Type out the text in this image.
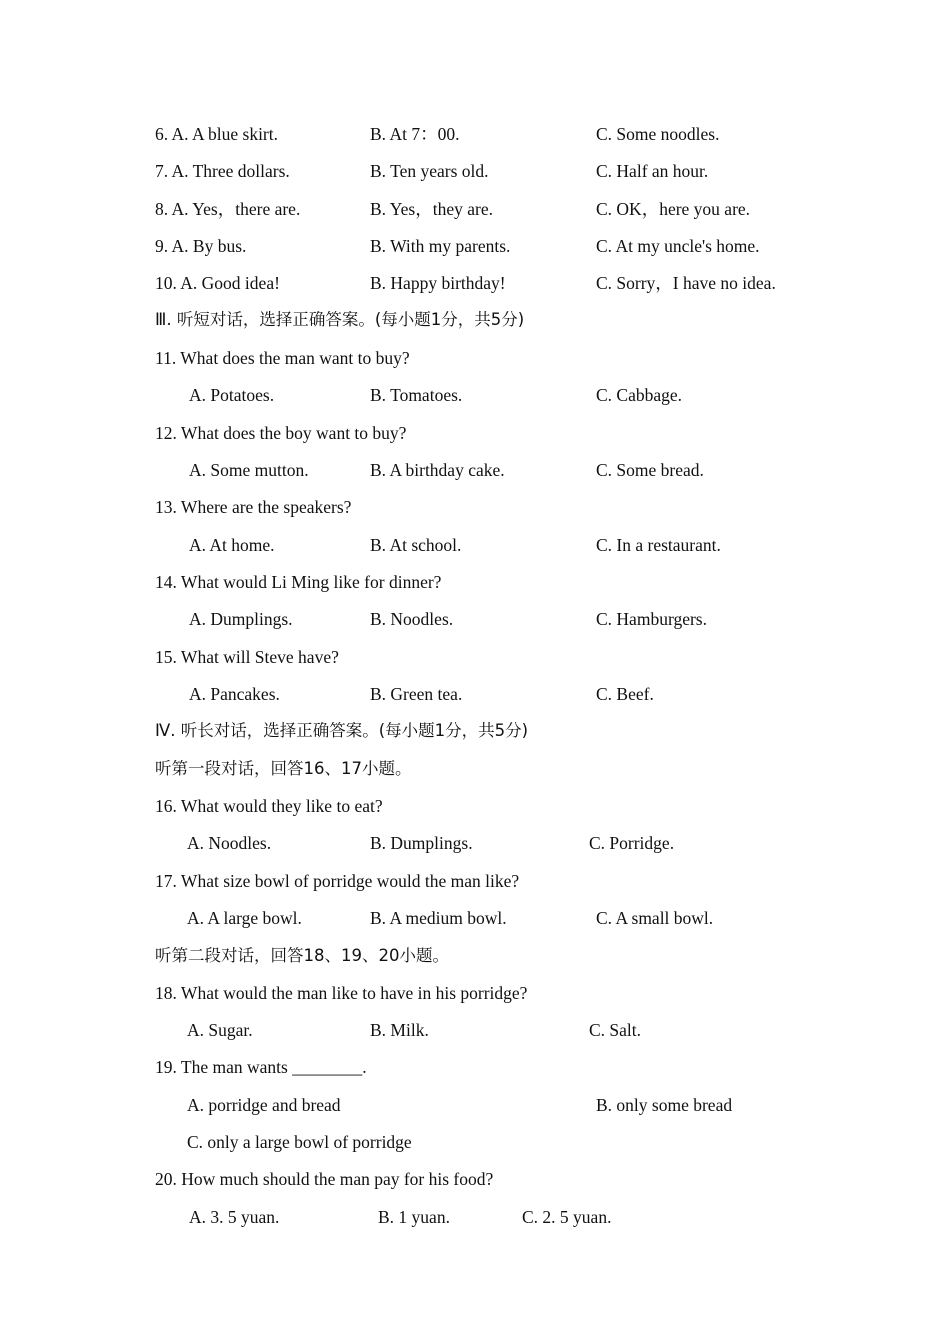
6. A. A blue skirt.	B. At 7：00.	C. Some noodles.
7. A. Three dollars.	B. Ten years old.	C. Half an hour.
8. A. Yes，there are.	B. Yes，they are.	C. OK，here you are.
9. A. By bus.	B. With my parents.	C. At my uncle's home.
10. A. Good idea!	B. Happy birthday!	C. Sorry，I have no idea.
Ⅲ. 听短对话，选择正确答案。(每小题1分，共5分)
11. What does the man want to buy?
A. Potatoes.	B. Tomatoes.	C. Cabbage.
12. What does the boy want to buy?
A. Some mutton.	B. A birthday cake.	C. Some bread.
13. Where are the speakers?
A. At home.	B. At school.	C. In a restaurant.
14. What would Li Ming like for dinner?
A. Dumplings.	B. Noodles.	C. Hamburgers.
15. What will Steve have?
A. Pancakes.	B. Green tea.	C. Beef.
Ⅳ. 听长对话，选择正确答案。(每小题1分，共5分)
听第一段对话，回答16、17小题。
16. What would they like to eat?
A. Noodles.	B. Dumplings.	C. Porridge.
17. What size bowl of porridge would the man like?
A. A large bowl.	B. A medium bowl.	C. A small bowl.
听第二段对话，回答18、19、20小题。
18. What would the man like to have in his porridge?
A. Sugar.	B. Milk.	C. Salt.
19. The man wants ________.
A. porridge and bread	B. only some bread
C. only a large bowl of porridge
20. How much should the man pay for his food?
A. 3. 5 yuan.	B. 1 yuan.	C. 2. 5 yuan.
